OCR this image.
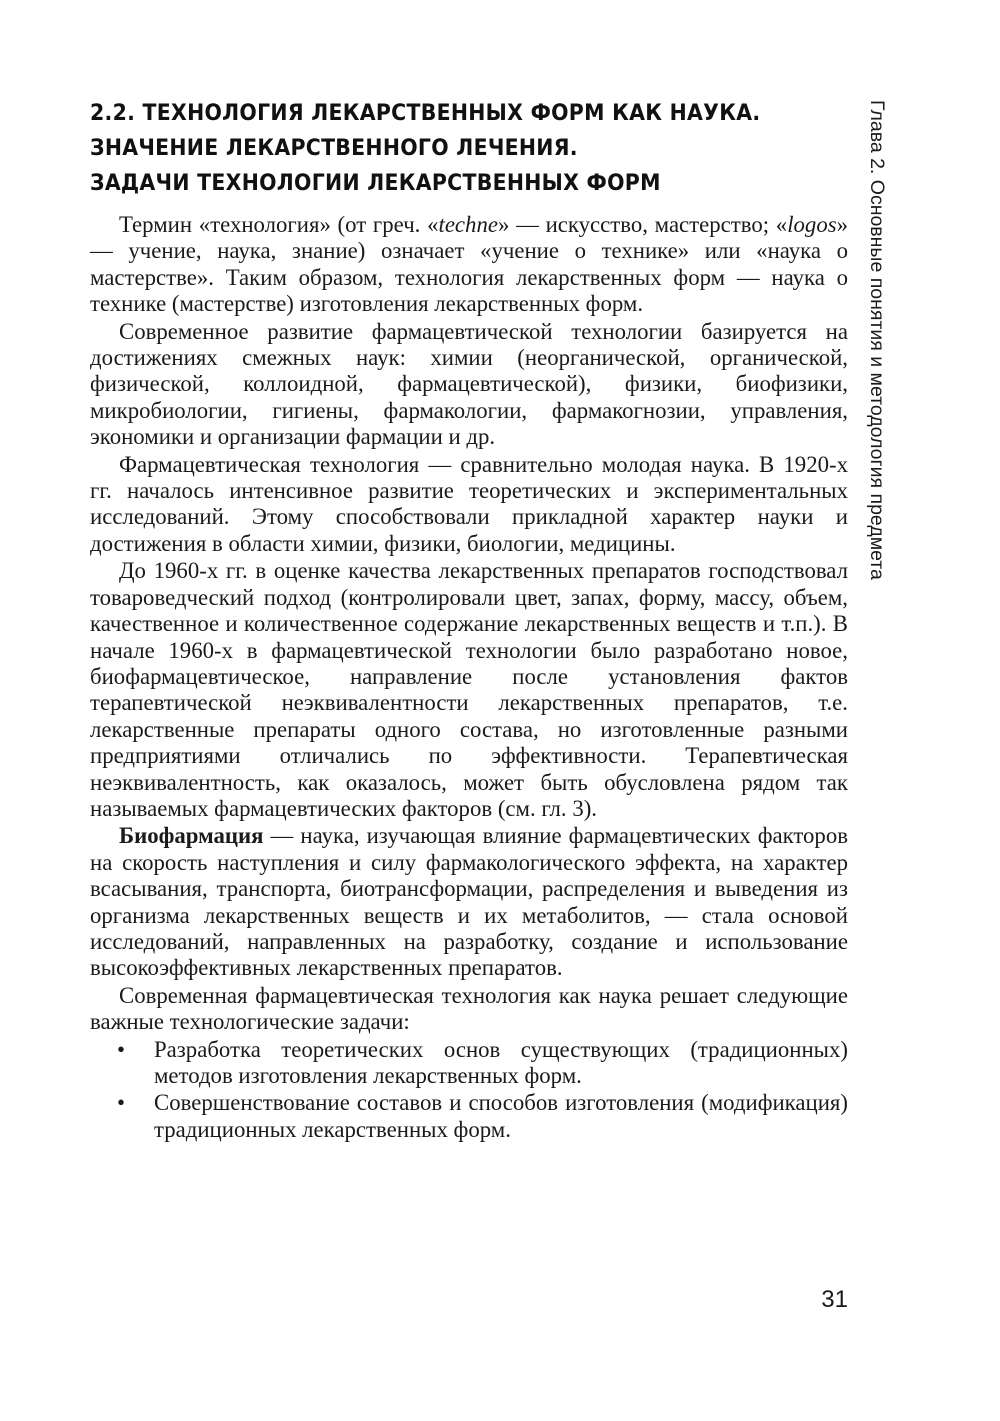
2.2. ТЕХНОЛОГИЯ ЛЕКАРСТВЕННЫХ ФОРМ КАК НАУКА.
ЗНАЧЕНИЕ ЛЕКАРСТВЕННОГО ЛЕЧЕНИЯ.
ЗАДАЧИ ТЕХНОЛОГИИ ЛЕКАРСТВЕННЫХ ФОРМ

Термин «технология» (от греч. «techne» — искусство, мастерство; «logos» — учение, наука, знание) означает «учение о технике» или «наука о мастерстве». Таким образом, технология лекарственных форм — наука о технике (мастерстве) изготовления лекарственных форм.

Современное развитие фармацевтической технологии базируется на достижениях смежных наук: химии (неорганической, органической, физической, коллоидной, фармацевтической), физики, биофизики, микробиологии, гигиены, фармакологии, фармакогнозии, управления, экономики и организации фармации и др.

Фармацевтическая технология — сравнительно молодая наука. В 1920-х гг. началось интенсивное развитие теоретических и экспериментальных исследований. Этому способствовали прикладной характер науки и достижения в области химии, физики, биологии, медицины.

До 1960-х гг. в оценке качества лекарственных препаратов господствовал товароведческий подход (контролировали цвет, запах, форму, массу, объем, качественное и количественное содержание лекарственных веществ и т.п.). В начале 1960-х в фармацевтической технологии было разработано новое, биофармацевтическое, направление после установления фактов терапевтической неэквивалентности лекарственных препаратов, т.е. лекарственные препараты одного состава, но изготовленные разными предприятиями отличались по эффективности. Терапевтическая неэквивалентность, как оказалось, может быть обусловлена рядом так называемых фармацевтических факторов (см. гл. 3).

Биофармация — наука, изучающая влияние фармацевтических факторов на скорость наступления и силу фармакологического эффекта, на характер всасывания, транспорта, биотрансформации, распределения и выведения из организма лекарственных веществ и их метаболитов, — стала основой исследований, направленных на разработку, создание и использование высокоэффективных лекарственных препаратов.

Современная фармацевтическая технология как наука решает следующие важные технологические задачи:

• Разработка теоретических основ существующих (традиционных) методов изготовления лекарственных форм.
• Совершенствование составов и способов изготовления (модификация) традиционных лекарственных форм.
Глава 2. Основные понятия и методология предмета
31
